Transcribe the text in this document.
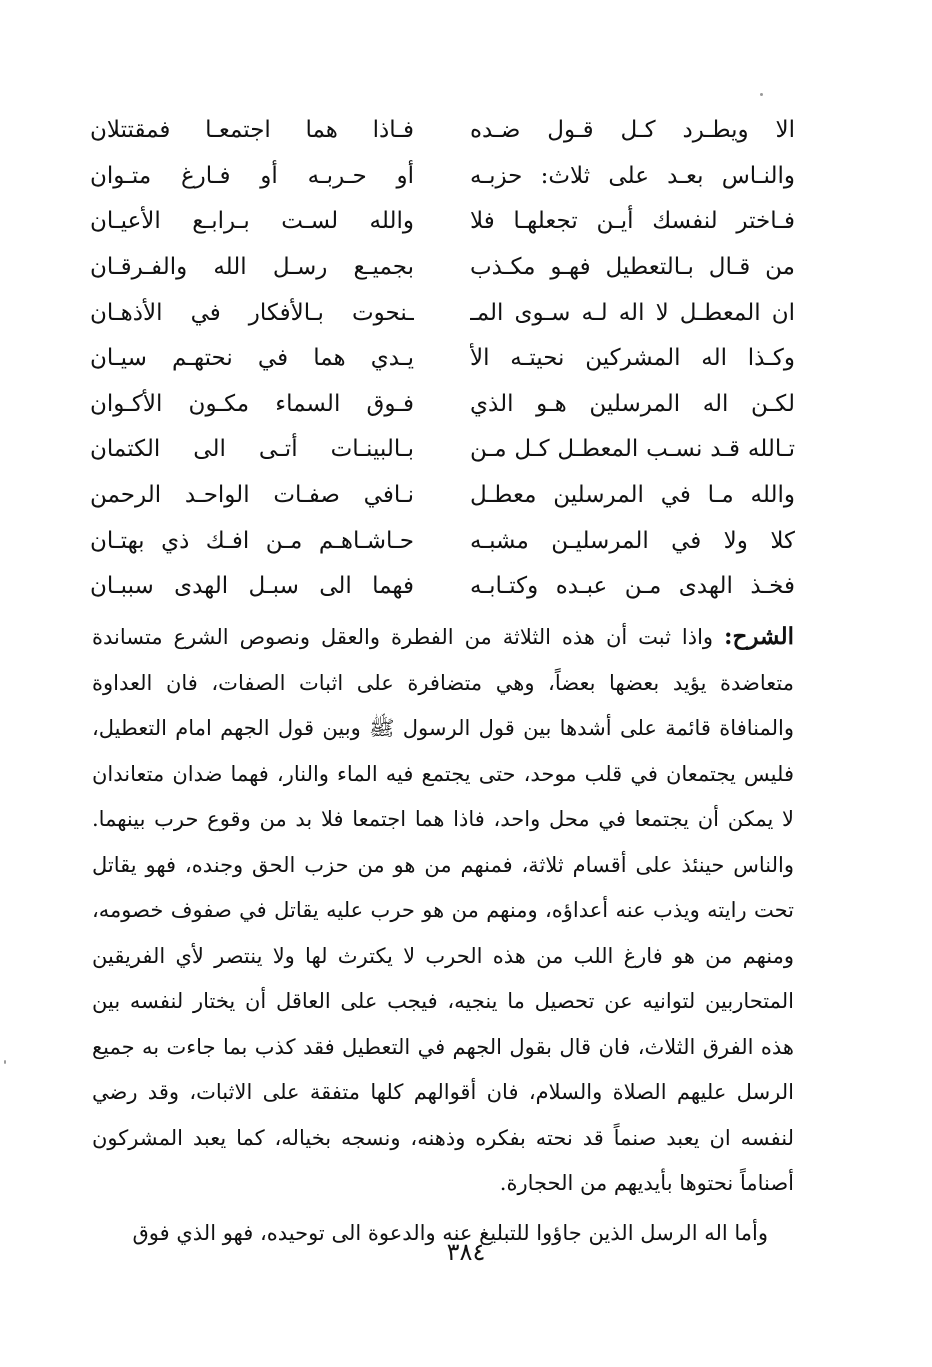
الا ويطـرد كـل قـول ضـده
فـاذا هما اجتمعـا فمقتتلان
والنـاس بعـد على ثلاث: حزبـه
أو حـربـه أو فـارغ متـوان
فـاختر لنفسك أيـن تجعلهـا فلا
والله لسـت بـرابـع الأعيـان
من قـال بـالتعطيل فهـو مكـذب
بجميـع رسـل الله والفـرقـان
ان المعطـل لا اله لـه سـوى المـ
ـنحوت بـالأفكار في الأذهـان
وكـذا اله المشركين نحيتـه الأ
يـدي هما في نحتهـم سيـان
لكـن اله المرسلين هـو الذي
فـوق السماء مكـون الأكـوان
تـالله قـد نسـب المعطـل كـل مـن
بـالبينـات أتـى الى الكتمان
والله مـا في المرسلين معطـل
نـافي صفـات الواحـد الرحمن
كلا ولا في المرسليـن مشبـه
حـاشـاهـم مـن افـك ذي بهتـان
فخـذ الهدى مـن عبـده وكتـابـه
فهما الى سبـل الهدى سببـان

الشرح: واذا ثبت أن هذه الثلاثة من الفطرة والعقل ونصوص الشرع متساندة متعاضدة يؤيد بعضها بعضاً، وهي متضافرة على اثبات الصفات، فان العداوة والمنافاة قائمة على أشدها بين قول الرسول ﷺ وبين قول الجهم امام التعطيل، فليس يجتمعان في قلب موحد، حتى يجتمع فيه الماء والنار، فهما ضدان متعاندان لا يمكن أن يجتمعا في محل واحد، فاذا هما اجتمعا فلا بد من وقوع حرب بينهما. والناس حينئذ على أقسام ثلاثة، فمنهم من هو من حزب الحق وجنده، فهو يقاتل تحت رايته ويذب عنه أعداؤه، ومنهم من هو حرب عليه يقاتل في صفوف خصومه، ومنهم من هو فارغ اللب من هذه الحرب لا يكترث لها ولا ينتصر لأي الفريقين المتحاربين لتوانيه عن تحصيل ما ينجيه، فيجب على العاقل أن يختار لنفسه بين هذه الفرق الثلاث، فان قال بقول الجهم في التعطيل فقد كذب بما جاءت به جميع الرسل عليهم الصلاة والسلام، فان أقوالهم كلها متفقة على الاثبات، وقد رضي لنفسه ان يعبد صنماً قد نحته بفكره وذهنه، ونسجه بخياله، كما يعبد المشركون أصناماً نحتوها بأيديهم من الحجارة.

وأما اله الرسل الذين جاؤوا للتبليغ عنه والدعوة الى توحيده، فهو الذي فوق

٣٨٤
